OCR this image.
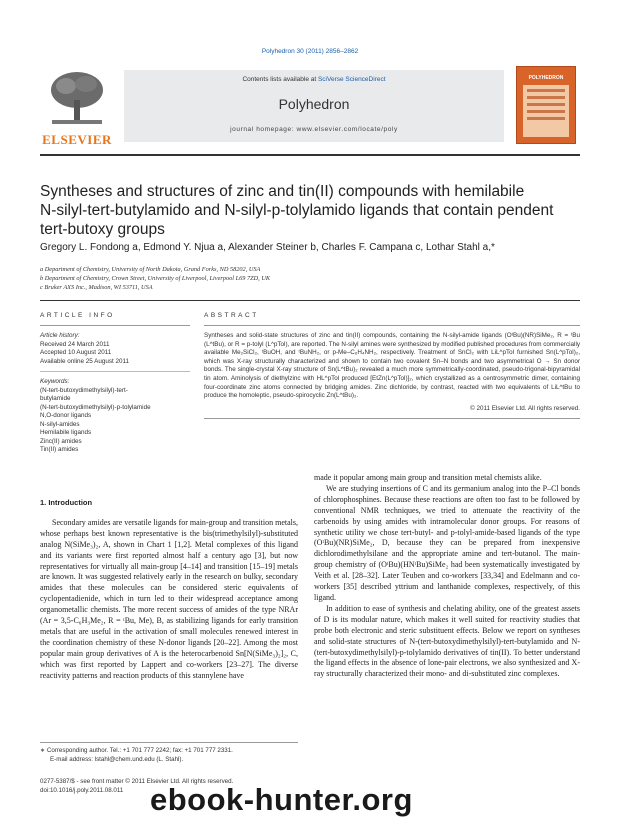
Polyhedron 30 (2011) 2856–2862
ELSEVIER
Contents lists available at SciVerse ScienceDirect
Polyhedron
journal homepage: www.elsevier.com/locate/poly
POLYHEDRON
Syntheses and structures of zinc and tin(II) compounds with hemilabile
N-silyl-tert-butylamido and N-silyl-p-tolylamido ligands that contain pendent
tert-butoxy groups
Gregory L. Fondong a, Edmond Y. Njua a, Alexander Steiner b, Charles F. Campana c, Lothar Stahl a,*
a Department of Chemistry, University of North Dakota, Grand Forks, ND 58202, USA
b Department of Chemistry, Crown Street, University of Liverpool, Liverpool L69 7ZD, UK
c Bruker AXS Inc., Madison, WI 53711, USA
ARTICLE INFO
Article history:
Received 24 March 2011
Accepted 10 August 2011
Available online 25 August 2011
Keywords:
(N-tert-butoxydimethylsilyl)-tert-
butylamide
(N-tert-butoxydimethylsilyl)-p-tolylamide
N,O-donor ligands
N-silyl-amides
Hemilabile ligands
Zinc(II) amides
Tin(II) amides
ABSTRACT

Syntheses and solid-state structures of zinc and tin(II) compounds, containing the N-silyl-amide ligands (OᵗBu)(NR)SiMe₂, R = ᵗBu (L^tBu), or R = p-tolyl (L^pTol), are reported. The N-silyl amines were synthesized by modified published procedures from commercially available Me₂SiCl₂, ᵗBuOH, and ᵗBuNH₂, or p-Me–C₆H₄NH₂, respectively. Treatment of SnCl₂ with LiL^pTol furnished Sn(L^pTol)₂, which was X-ray structurally characterized and shown to contain two covalent Sn–N bonds and two asymmetrical O → Sn donor bonds. The single-crystal X-ray structure of Sn(L^tBu)₂ revealed a much more symmetrically-coordinated, pseudo-trigonal-bipyramidal tin atom. Aminolysis of diethylzinc with HL^pTol produced [EtZn(L^pTol)]₂, which crystallized as a centrosymmetric dimer, containing four-coordinate zinc atoms connected by bridging amides. Zinc dichloride, by contrast, reacted with two equivalents of LiL^tBu to produce the homoleptic, pseudo-spirocyclic Zn(L^tBu)₂.

© 2011 Elsevier Ltd. All rights reserved.
1. Introduction

Secondary amides are versatile ligands for main-group and transition metals, whose perhaps best known representative is the bis(trimethylsilyl)-substituted analog N(SiMe₃)₂, A, shown in Chart 1 [1,2]. Metal complexes of this ligand and its variants were first reported almost half a century ago [3], but now representatives for virtually all main-group [4–14] and transition [15–19] metals are known. It was suggested relatively early in the research on bulky, secondary amides that these molecules can be considered steric equivalents of cyclopentadienide, which in turn led to their widespread acceptance among organometallic chemists. The more recent success of amides of the type NRAr (Ar = 3,5-C₆H₃Me₂, R = ᵗBu, Me), B, as stabilizing ligands for early transition metals that are useful in the activation of small molecules renewed interest in the coordination chemistry of these N-donor ligands [20–22]. Among the most popular main group derivatives of A is the heterocarbenoid Sn[N(SiMe₃)₂]₂, C, which was first reported by Lappert and co-workers [23–27]. The diverse reactivity patterns and reaction products of this stannylene have

made it popular among main group and transition metal chemists alike.

We are studying insertions of C and its germanium analog into the P–Cl bonds of chlorophosphines. Because these reactions are often too fast to be followed by conventional NMR techniques, we tried to attenuate the reactivity of the carbenoids by using amides with intramolecular donor groups. For reasons of synthetic utility we chose tert-butyl- and p-tolyl-amide-based ligands of the type (OᵗBu)(NR)SiMe₂, D, because they can be prepared from inexpensive dichlorodimethylsilane and the appropriate amine and tert-butanol. The main-group chemistry of (OᵗBu)(HNᵗBu)SiMe₂ had been systematically investigated by Veith et al. [28–32]. Later Teuben and co-workers [33,34] and Edelmann and co-workers [35] described yttrium and lanthanide complexes, respectively, of this ligand.

In addition to ease of synthesis and chelating ability, one of the greatest assets of D is its modular nature, which makes it well suited for reactivity studies that probe both electronic and steric substituent effects. Below we report on syntheses and solid-state structures of N-(tert-butoxydimethylsilyl)-tert-butylamido and N-(tert-butoxydimethylsilyl)-p-tolylamido derivatives of tin(II). To better understand the ligand effects in the absence of lone-pair electrons, we also synthesized and X-ray structurally characterized their mono- and di-substituted zinc complexes.

∗ Corresponding author. Tel.: +1 701 777 2242; fax: +1 701 777 2331.
E-mail address: lstahl@chem.und.edu (L. Stahl).
0277-5387/$ - see front matter © 2011 Elsevier Ltd. All rights reserved.
doi:10.1016/j.poly.2011.08.011 ebook-hunter.org
